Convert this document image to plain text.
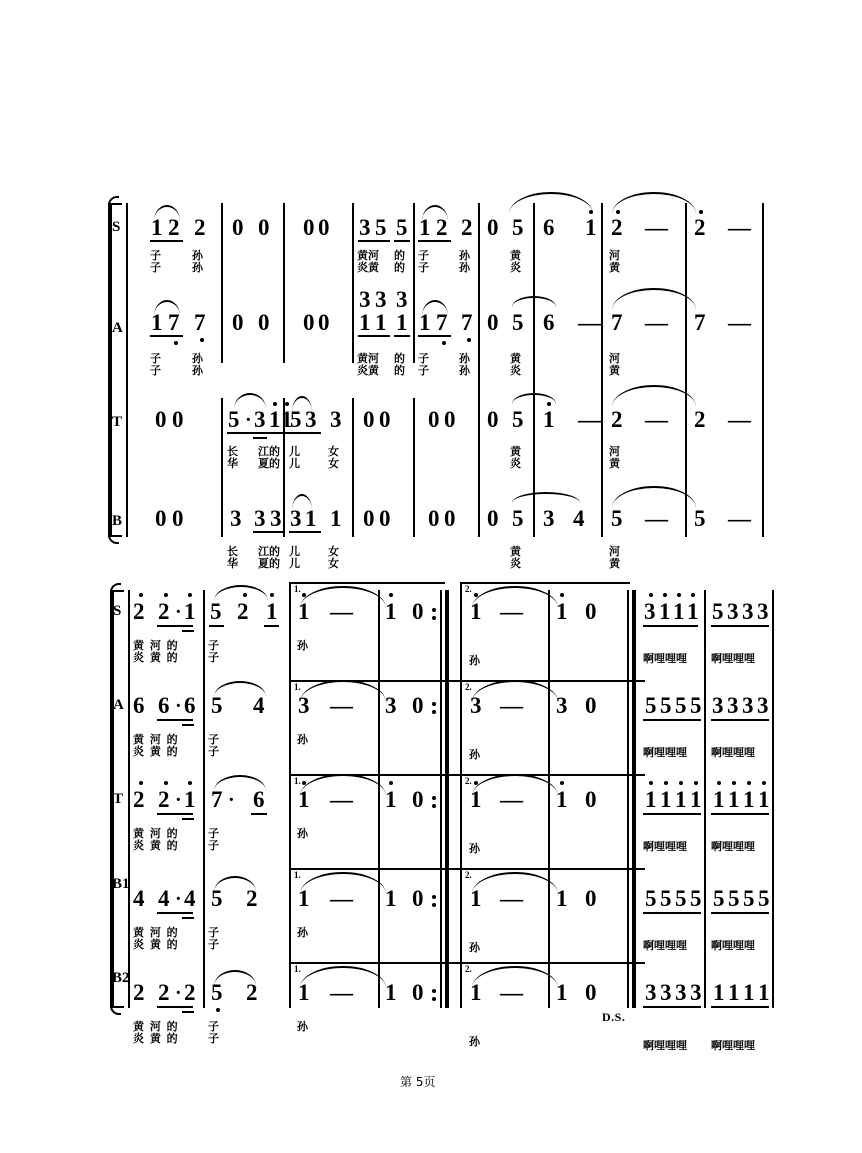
S 1 2 2
子
子
孙
孙
0 0 0 0 3 5 5
黄河
炎黄
的
的
1 2 2
子
子
孙
孙
0 5
黄
炎
6 1 2 — 2 —
河
黄
A 1 7 7
子
子
孙
孙
0 0 0 0
3 3 3
1 1 1
黄河
炎黄
的
的
1 7 7
子
子
孙
孙
0 5
黄
炎
6 — 7 — 7 —
河
黄
T 0 0 5 · 3 1 1
长
华
江的
夏的
5 3 3
儿
儿
女
女
0 0 0 0 0 5
黄
炎
1 — 2 — 2 —
河
黄
B 0 0 3 3 3
长
华
江的
夏的
3 1 1
儿
儿
女
女
0 0 0 0 0 5
黄
炎
3 4 5 — 5 —
河
黄
S 2 2 · 1
黄 河 的
炎 黄 的
5 2 1
子
子
1.
1 — 1 0
孙
2.
1 — 1 0
孙
3 1 1 1
啊哩哩哩
5 3 3 3
啊哩哩哩
A 6 6 · 6
黄 河 的
炎 黄 的
5 4
子
子
1.
3 — 3 0
孙
2.
3 — 3 0
孙
5 5 5 5
啊哩哩哩
3 3 3 3
啊哩哩哩
T 2 2 · 1
黄 河 的
炎 黄 的
7 · 6
子
子
1.
1 — 1 0
孙
2.
1 — 1 0
孙
1 1 1 1
啊哩哩哩
1 1 1 1
啊哩哩哩
B1
4 4 · 4
黄 河 的
炎 黄 的
5 2
子
子
1.
1 — 1 0
孙
2.
1 — 1 0
孙
5 5 5 5
啊哩哩哩
5 5 5 5
啊哩哩哩
B2
2 2 · 2
黄 河 的
炎 黄 的
5 2
子
子
1.
1 — 1 0
孙
2.
1 — 1 0
孙
D.S.
3 3 3 3
啊哩哩哩
1 1 1 1
啊哩哩哩
第 5页
